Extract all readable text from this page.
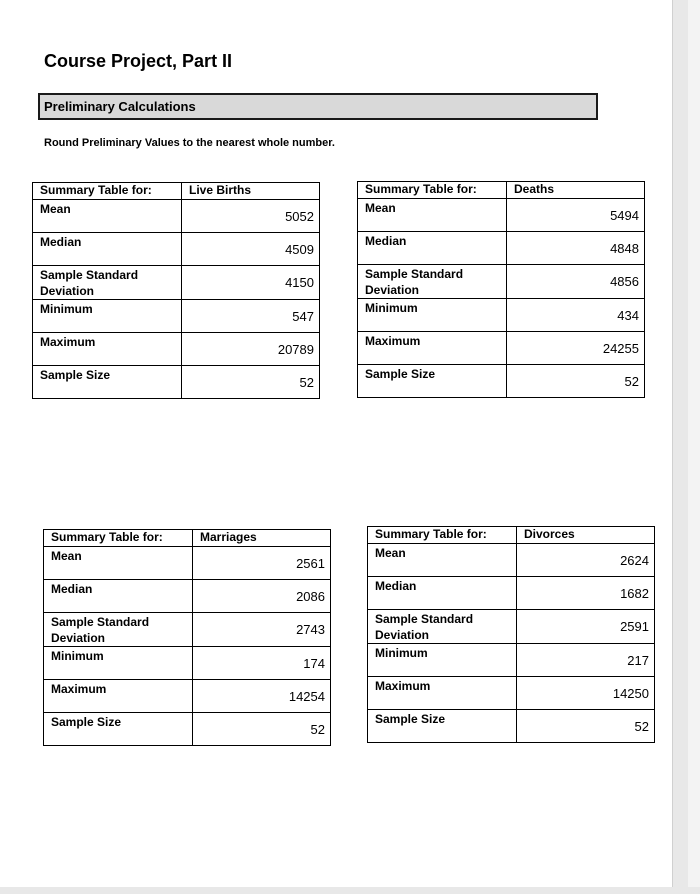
Course Project, Part II
Preliminary Calculations
Round Preliminary Values to the nearest whole number.
Summary Table for:	Live Births
Mean	5052
Median	4509
Sample Standard Deviation	4150
Minimum	547
Maximum	20789
Sample Size	52
Summary Table for:	Deaths
Mean	5494
Median	4848
Sample Standard Deviation	4856
Minimum	434
Maximum	24255
Sample Size	52
Summary Table for:	Marriages
Mean	2561
Median	2086
Sample Standard Deviation	2743
Minimum	174
Maximum	14254
Sample Size	52
Summary Table for:	Divorces
Mean	2624
Median	1682
Sample Standard Deviation	2591
Minimum	217
Maximum	14250
Sample Size	52
